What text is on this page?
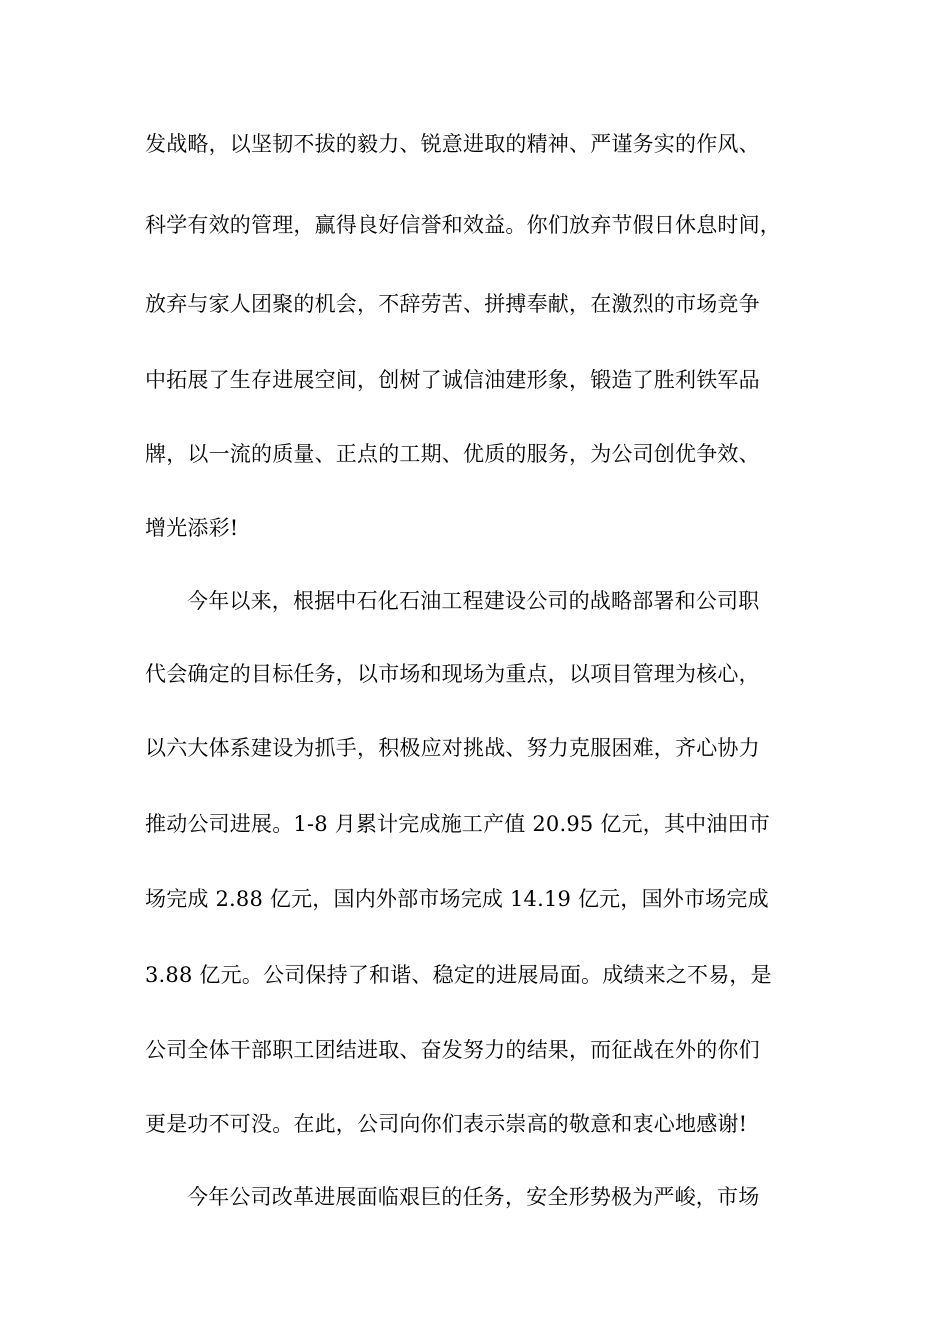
发战略，以坚韧不拔的毅力、锐意进取的精神、严谨务实的作风、
科学有效的管理，赢得良好信誉和效益。你们放弃节假日休息时间，
放弃与家人团聚的机会，不辞劳苦、拼搏奉献，在激烈的市场竞争
中拓展了生存进展空间，创树了诚信油建形象，锻造了胜利铁军品
牌，以一流的质量、正点的工期、优质的服务，为公司创优争效、
增光添彩!
今年以来，根据中石化石油工程建设公司的战略部署和公司职
代会确定的目标任务，以市场和现场为重点，以项目管理为核心，
以六大体系建设为抓手，积极应对挑战、努力克服困难，齐心协力
推动公司进展。1-8 月累计完成施工产值 20.95 亿元，其中油田市
场完成 2.88 亿元，国内外部市场完成 14.19 亿元，国外市场完成
3.88 亿元。公司保持了和谐、稳定的进展局面。成绩来之不易，是
公司全体干部职工团结进取、奋发努力的结果，而征战在外的你们
更是功不可没。在此，公司向你们表示崇高的敬意和衷心地感谢!
今年公司改革进展面临艰巨的任务，安全形势极为严峻，市场
